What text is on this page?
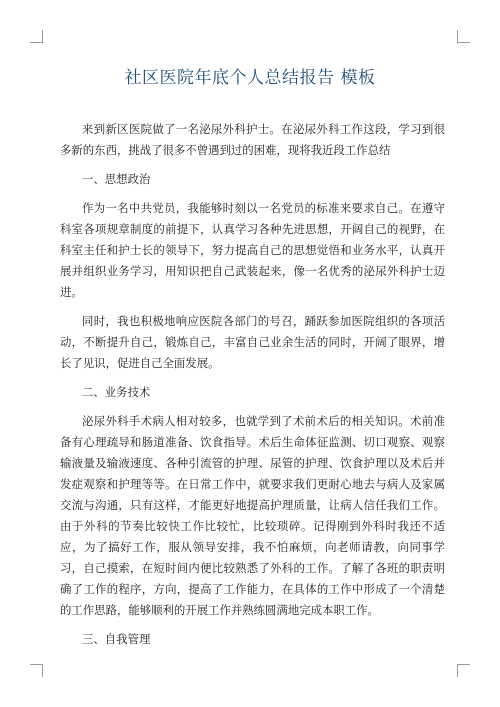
社区医院年底个人总结报告 模板

来到新区医院做了一名泌尿外科护士。在泌尿外科工作这段，学习到很多新的东西，挑战了很多不曾遇到过的困难，现将我近段工作总结

一、思想政治

作为一名中共党员，我能够时刻以一名党员的标准来要求自己。在遵守科室各项规章制度的前提下，认真学习各种先进思想，开阔自己的视野，在科室主任和护士长的领导下，努力提高自己的思想觉悟和业务水平，认真开展并组织业务学习，用知识把自己武装起来，像一名优秀的泌尿外科护士迈进。

同时，我也积极地响应医院各部门的号召，踊跃参加医院组织的各项活动，不断提升自己，锻炼自己，丰富自己业余生活的同时，开阔了眼界，增长了见识，促进自己全面发展。

二、业务技术

泌尿外科手术病人相对较多，也就学到了术前术后的相关知识。术前准备有心理疏导和肠道准备、饮食指导。术后生命体征监测、切口观察、观察输液量及输液速度、各种引流管的护理、尿管的护理、饮食护理以及术后并发症观察和护理等等。在日常工作中，就要求我们更耐心地去与病人及家属交流与沟通，只有这样，才能更好地提高护理质量，让病人信任我们工作。由于外科的节奏比较快工作比较忙，比较琐碎。记得刚到外科时我还不适应，为了搞好工作，服从领导安排，我不怕麻烦，向老师请教，向同事学习，自己摸索，在短时间内便比较熟悉了外科的工作。了解了各班的职责明确了工作的程序，方向，提高了工作能力，在具体的工作中形成了一个清楚的工作思路，能够顺利的开展工作并熟练圆满地完成本职工作。

三、自我管理
